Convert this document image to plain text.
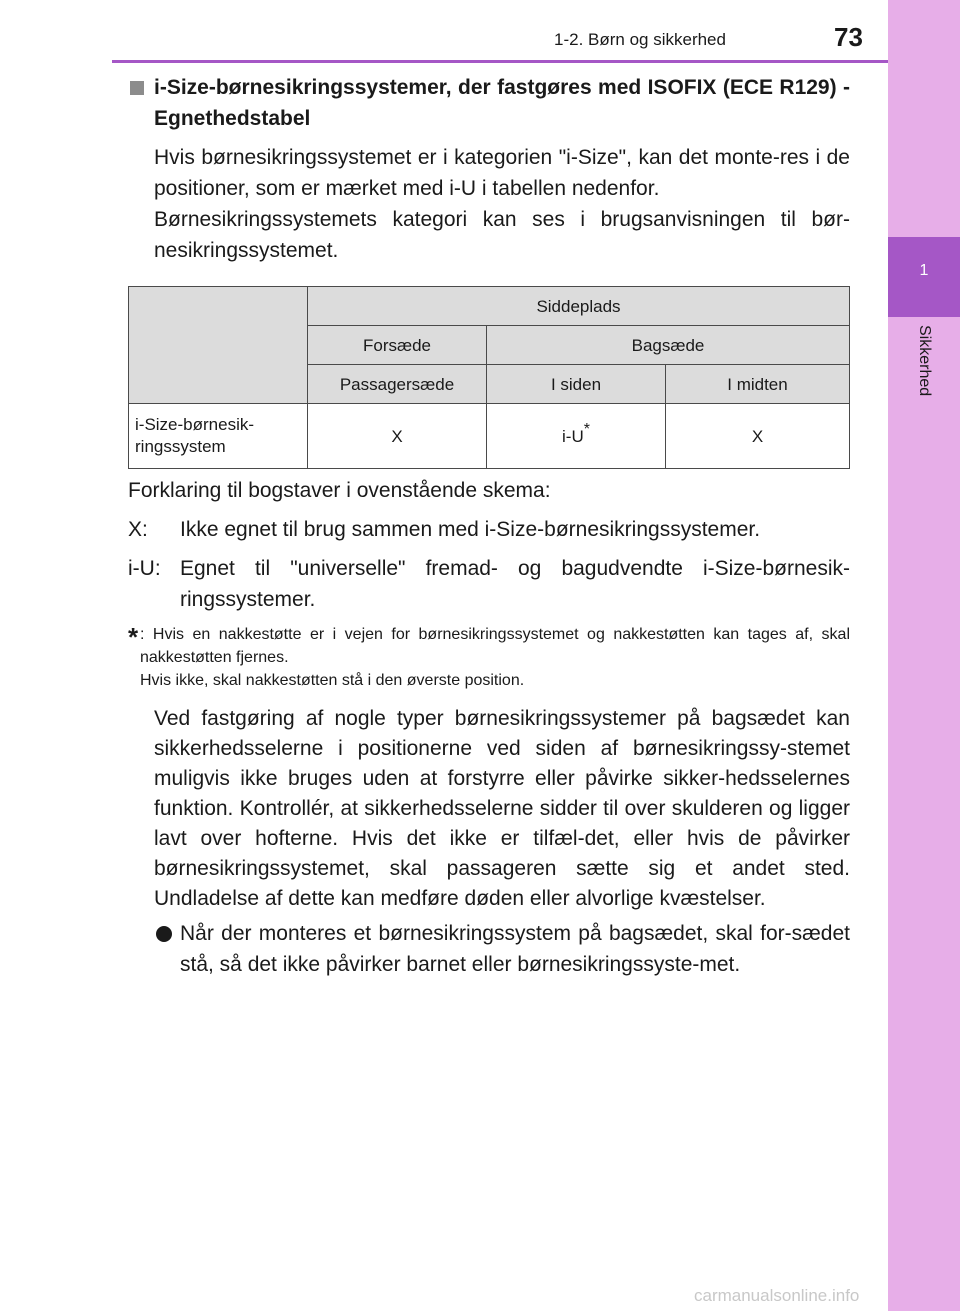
1
Sikkerhed
1-2. Børn og sikkerhed	73
i-Size-børnesikringssystemer, der fastgøres med ISOFIX (ECE R129) - Egnethedstabel
Hvis børnesikringssystemet er i kategorien "i-Size", kan det monte-res i de positioner, som er mærket med i-U i tabellen nedenfor.
Børnesikringssystemets kategori kan ses i brugsanvisningen til bør-nesikringssystemet.
	Siddeplads		
	Forsæde	Bagsæde	
	Passagersæde	I siden	I midten
i-Size-børnesik-ringssystem	X	i-U*	X
Forklaring til bogstaver i ovenstående skema:
X:	Ikke egnet til brug sammen med i-Size-børnesikringssystemer.
i-U: Egnet til "universelle" fremad- og bagudvendte i-Size-børnesik-ringssystemer.
* : Hvis en nakkestøtte er i vejen for børnesikringssystemet og nakkestøtten kan tages af, skal nakkestøtten fjernes.
Hvis ikke, skal nakkestøtten stå i den øverste position.
Ved fastgøring af nogle typer børnesikringssystemer på bagsædet kan sikkerhedsselerne i positionerne ved siden af børnesikringssy-stemet muligvis ikke bruges uden at forstyrre eller påvirke sikker-hedsselernes funktion. Kontrollér, at sikkerhedsselerne sidder til over skulderen og ligger lavt over hofterne. Hvis det ikke er tilfæl-det, eller hvis de påvirker børnesikringssystemet, skal passageren sætte sig et andet sted. Undladelse af dette kan medføre døden eller alvorlige kvæstelser.
Når der monteres et børnesikringssystem på bagsædet, skal for-sædet stå, så det ikke påvirker barnet eller børnesikringssyste-met.
carmanualsonline.info
